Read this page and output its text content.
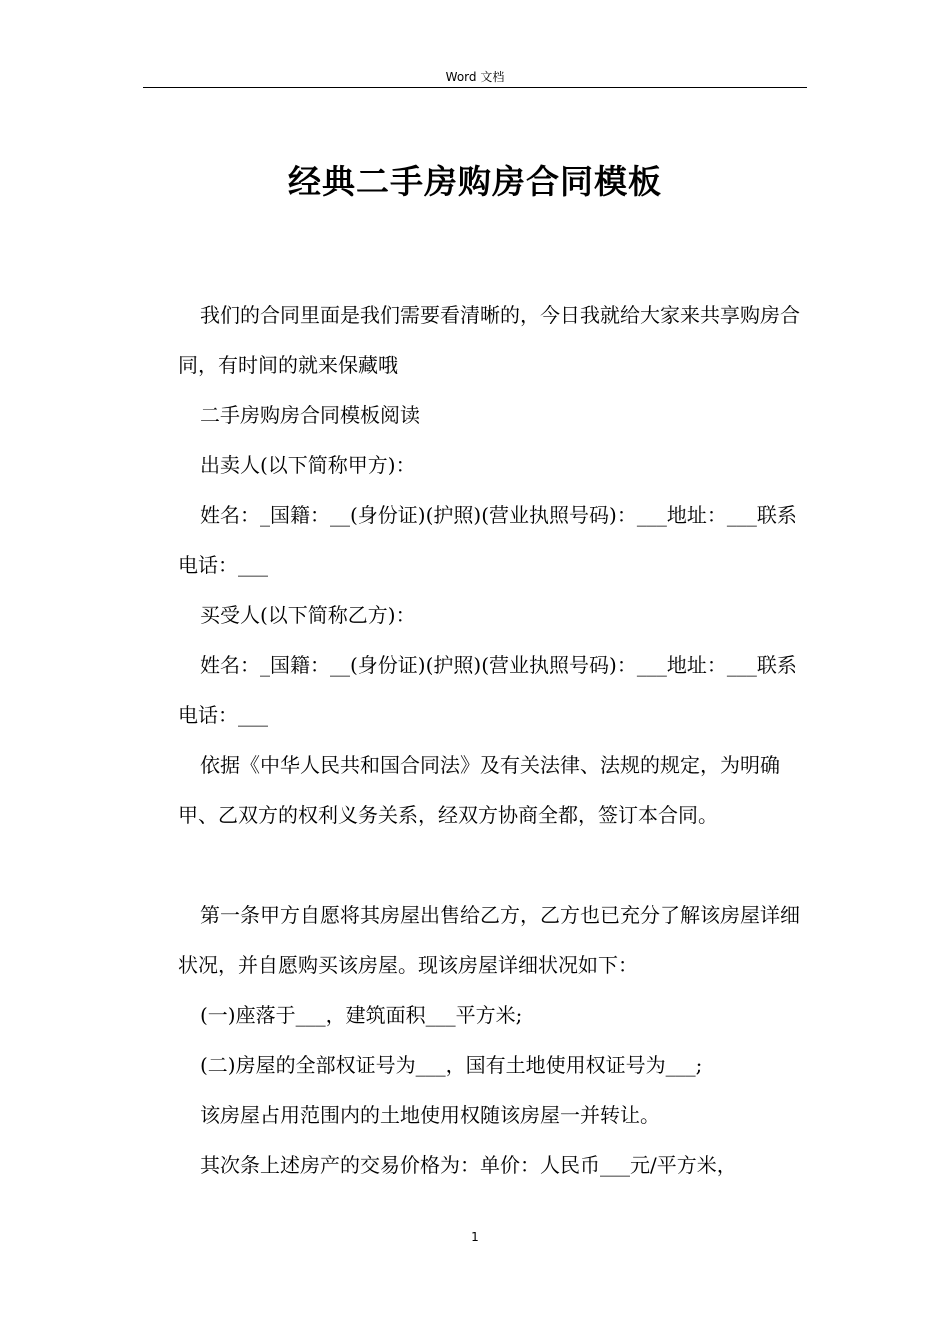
Word 文档
经典二手房购房合同模板

我们的合同里面是我们需要看清晰的，今日我就给大家来共享购房合同，有时间的就来保藏哦

二手房购房合同模板阅读

出卖人(以下简称甲方)：

姓名：_国籍：__(身份证)(护照)(营业执照号码)：___地址：___联系电话：___

买受人(以下简称乙方)：

姓名：_国籍：__(身份证)(护照)(营业执照号码)：___地址：___联系电话：___

依据《中华人民共和国合同法》及有关法律、法规的规定，为明确甲、乙双方的权利义务关系，经双方协商全都，签订本合同。

第一条甲方自愿将其房屋出售给乙方，乙方也已充分了解该房屋详细状况，并自愿购买该房屋。现该房屋详细状况如下：

(一)座落于___，建筑面积___平方米;

(二)房屋的全部权证号为___，国有土地使用权证号为___;

该房屋占用范围内的土地使用权随该房屋一并转让。

其次条上述房产的交易价格为：单价：人民币___元/平方米，

1
